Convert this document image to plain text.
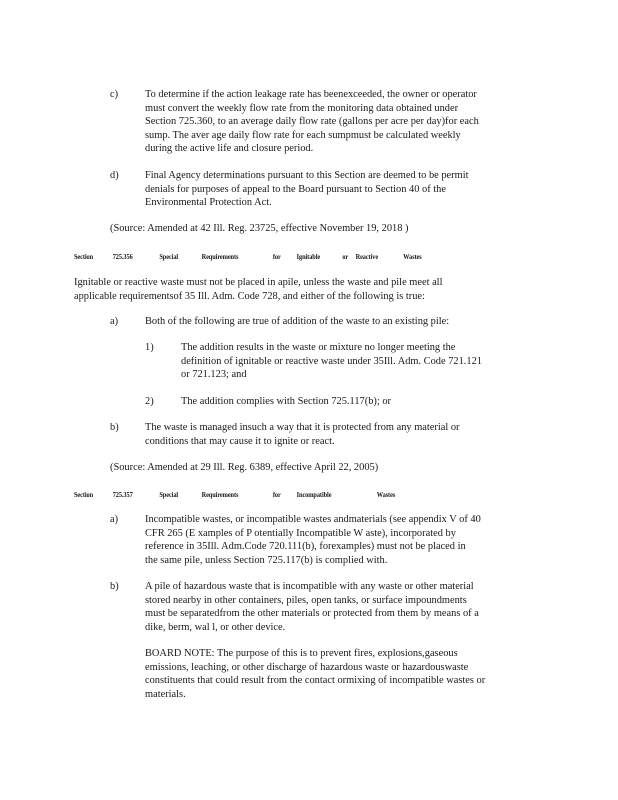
c)	To determine if the action leakage rate has beenexceeded, the owner or operator
must convert the weekly flow rate from the monitoring data obtained under
Section 725.360, to an average daily flow rate (gallons per acre per day)for each
sump. The aver age daily flow rate for each sumpmust be calculated weekly
during the active life and closure period.
d)	Final Agency determinations pursuant to this Section are deemed to be permit
denials for purposes of appeal to the Board pursuant to Section 40 of the
Environmental Protection Act.
(Source: Amended at 42 Ill. Reg. 23725, effective November 19, 2018 )
Section	725.356	Special	Requirements	for Ignitable	or Reactive	Wastes
Ignitable or reactive waste must not be placed in apile, unless the waste and pile meet all
applicable requirementsof 35 Ill. Adm. Code 728, and either of the following is true:
a)	Both of the following are true of addition of the waste to an existing pile:
1)	The addition results in the waste or mixture no longer meeting the
definition of ignitable or reactive waste under 35Ill. Adm. Code 721.121
or 721.123; and
2)	The addition complies with Section 725.117(b); or
b)	The waste is managed insuch a way that it is protected from any material or
conditions that may cause it to ignite or react.
(Source: Amended at 29 Ill. Reg. 6389, effective April 22, 2005)
Section	725.357	Special	Requirements	for Incompatible	Wastes
a)	Incompatible wastes, or incompatible wastes andmaterials (see appendix V of 40
CFR 265 (E xamples of P otentially Incompatible W aste), incorporated by
reference in 35Ill. Adm.Code 720.111(b), forexamples) must not be placed in
the same pile, unless Section 725.117(b) is complied with.
b)	A pile of hazardous waste that is incompatible with any waste or other material
stored nearby in other containers, piles, open tanks, or surface impoundments
must be separatedfrom the other materials or protected from them by means of a
dike, berm, wal l, or other device.
BOARD NOTE: The purpose of this is to prevent fires, explosions,gaseous
emissions, leaching, or other discharge of hazardous waste or hazardouswaste
constituents that could result from the contact ormixing of incompatible wastes or
materials.
